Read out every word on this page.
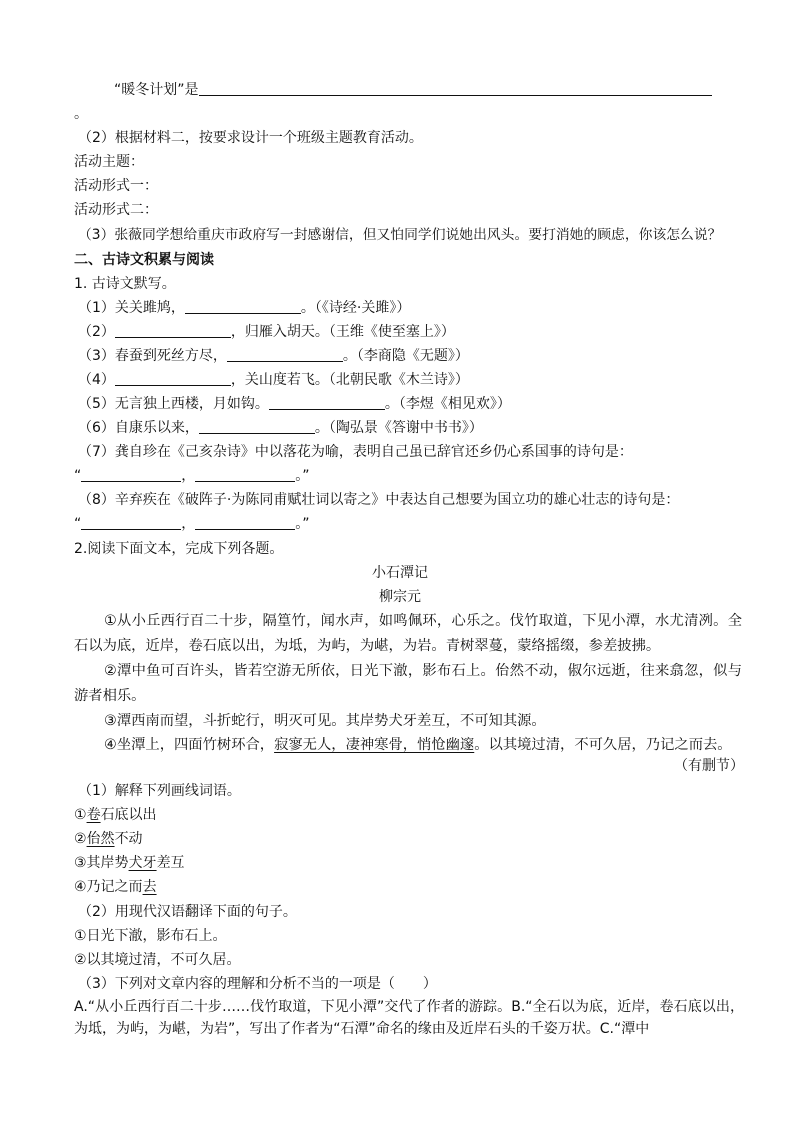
“暖冬计划”是
。
（2）根据材料二，按要求设计一个班级主题教育活动。
活动主题：
活动形式一：
活动形式二：
（3）张薇同学想给重庆市政府写一封感谢信，但又怕同学们说她出风头。要打消她的顾虑，你该怎么说？
二、古诗文积累与阅读
1. 古诗文默写。
（1）关关雎鸠，	。（《诗经·关雎》）
（2）	，归雁入胡天。（王维《使至塞上》）
（3）春蚕到死丝方尽，	。（李商隐《无题》）
（4）	，关山度若飞。（北朝民歌《木兰诗》）
（5）无言独上西楼，月如钩。	。（李煜《相见欢》）
（6）自康乐以来，	。（陶弘景《答谢中书书》）
（7）龚自珍在《己亥杂诗》中以落花为喻，表明自己虽已辞官还乡仍心系国事的诗句是：
“	，	。”
（8）辛弃疾在《破阵子·为陈同甫赋壮词以寄之》中表达自己想要为国立功的雄心壮志的诗句是：
“	，	。”
2.阅读下面文本，完成下列各题。
小石潭记
柳宗元
①从小丘西行百二十步，隔篁竹，闻水声，如鸣佩环，心乐之。伐竹取道，下见小潭，水尤清冽。全石以为底，近岸，卷石底以出，为坻，为屿，为嵁，为岩。青树翠蔓，蒙络摇缀，参差披拂。
②潭中鱼可百许头，皆若空游无所依，日光下澈，影布石上。佁然不动，俶尔远逝，往来翕忽，似与游者相乐。
③潭西南而望，斗折蛇行，明灭可见。其岸势犬牙差互，不可知其源。
④坐潭上，四面竹树环合，寂寥无人，凄神寒骨，悄怆幽邃。以其境过清，不可久居，乃记之而去。
（有删节）
（1）解释下列画线词语。
①卷石底以出
②佁然不动
③其岸势犬牙差互
④乃记之而去
（2）用现代汉语翻译下面的句子。
①日光下澈，影布石上。
②以其境过清，不可久居。
（3）下列对文章内容的理解和分析不当的一项是（　　）
A.“从小丘西行百二十步……伐竹取道，下见小潭”交代了作者的游踪。B.“全石以为底，近岸，卷石底以出，为坻，为屿，为嵁，为岩”，写出了作者为“石潭”命名的缘由及近岸石头的千姿万状。C.“潭中
